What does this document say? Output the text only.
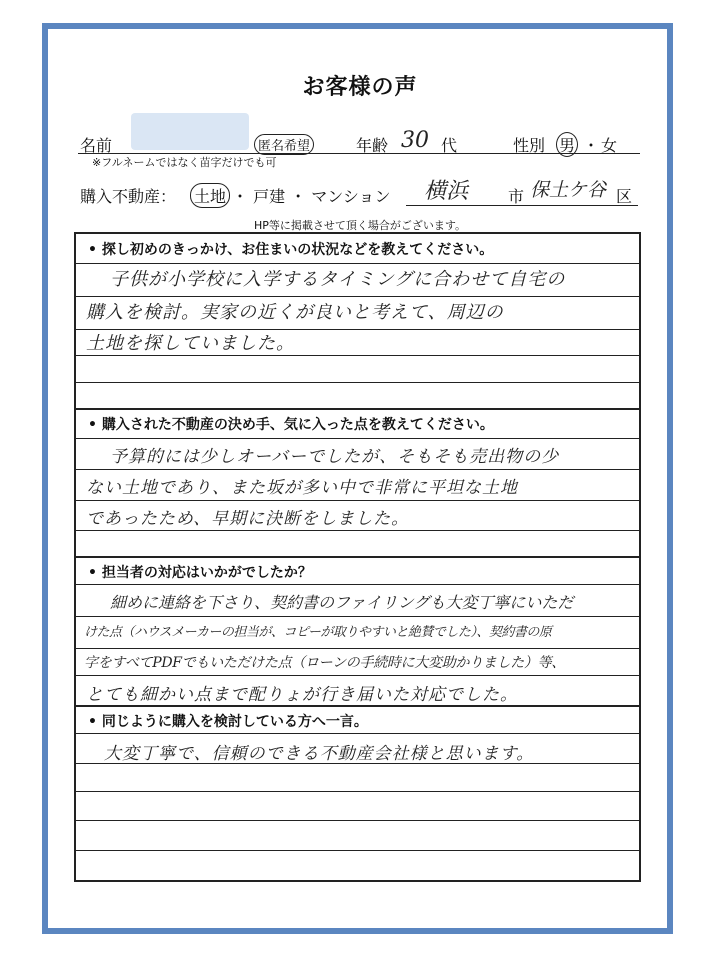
お客様の声
名前	匿名希望	年齢 30 代	性別 男 ・ 女
※フルネームではなく苗字だけでも可
購入不動産： 土地 ・ 戸建 ・ マンション 横浜 市 保土ケ谷 区
HP等に掲載させて頂く場合がございます。
• 探し初めのきっかけ、お住まいの状況などを教えてください。
子供が小学校に入学するタイミングに合わせて自宅の
購入を検討。実家の近くが良いと考えて、周辺の
土地を探していました。
• 購入された不動産の決め手、気に入った点を教えてください。
予算的には少しオーバーでしたが、そもそも売出物の少
ない土地であり、また坂が多い中で非常に平坦な土地
であったため、早期に決断をしました。
• 担当者の対応はいかがでしたか？
細めに連絡を下さり、契約書のファイリングも大変丁寧にいただ
けた点（ハウスメーカーの担当が、コピーが取りやすいと絶賛でした）、契約書の原
字をすべてPDFでもいただけた点（ローンの手続時に大変助かりました）等、
とても細かい点まで配りょが行き届いた対応でした。
• 同じように購入を検討している方へ一言。
大変丁寧で、信頼のできる不動産会社様と思います。
